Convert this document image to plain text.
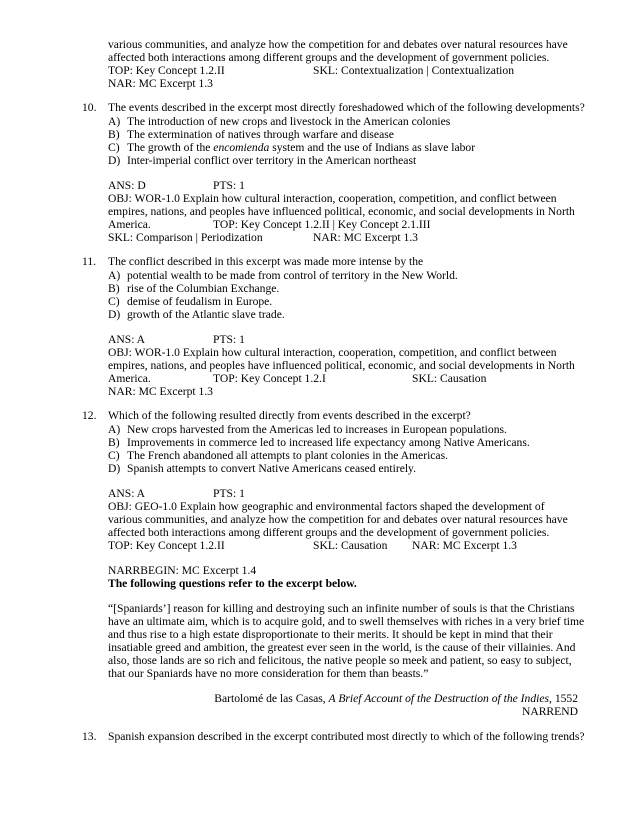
various communities, and analyze how the competition for and debates over natural resources have
affected both interactions among different groups and the development of government policies.
TOP: Key Concept 1.2.II	SKL: Contextualization | Contextualization
NAR: MC Excerpt 1.3
10. The events described in the excerpt most directly foreshadowed which of the following developments?
A) The introduction of new crops and livestock in the American colonies
B) The extermination of natives through warfare and disease
C) The growth of the encomienda system and the use of Indians as slave labor
D) Inter-imperial conflict over territory in the American northeast
ANS: D	PTS: 1
OBJ: WOR-1.0 Explain how cultural interaction, cooperation, competition, and conflict between
empires, nations, and peoples have influenced political, economic, and social developments in North
America.	TOP: Key Concept 1.2.II | Key Concept 2.1.III
SKL: Comparison | Periodization	NAR: MC Excerpt 1.3
11. The conflict described in this excerpt was made more intense by the
A) potential wealth to be made from control of territory in the New World.
B) rise of the Columbian Exchange.
C) demise of feudalism in Europe.
D) growth of the Atlantic slave trade.
ANS: A	PTS: 1
OBJ: WOR-1.0 Explain how cultural interaction, cooperation, competition, and conflict between
empires, nations, and peoples have influenced political, economic, and social developments in North
America.	TOP: Key Concept 1.2.I	SKL: Causation
NAR: MC Excerpt 1.3
12. Which of the following resulted directly from events described in the excerpt?
A) New crops harvested from the Americas led to increases in European populations.
B) Improvements in commerce led to increased life expectancy among Native Americans.
C) The French abandoned all attempts to plant colonies in the Americas.
D) Spanish attempts to convert Native Americans ceased entirely.
ANS: A	PTS: 1
OBJ: GEO-1.0 Explain how geographic and environmental factors shaped the development of
various communities, and analyze how the competition for and debates over natural resources have
affected both interactions among different groups and the development of government policies.
TOP: Key Concept 1.2.II	SKL: Causation NAR: MC Excerpt 1.3
NARRBEGIN: MC Excerpt 1.4
The following questions refer to the excerpt below.
“[Spaniards’] reason for killing and destroying such an infinite number of souls is that the Christians
have an ultimate aim, which is to acquire gold, and to swell themselves with riches in a very brief time
and thus rise to a high estate disproportionate to their merits. It should be kept in mind that their
insatiable greed and ambition, the greatest ever seen in the world, is the cause of their villainies. And
also, those lands are so rich and felicitous, the native people so meek and patient, so easy to subject,
that our Spaniards have no more consideration for them than beasts.”
Bartolomé de las Casas, A Brief Account of the Destruction of the Indies, 1552
NARREND
13. Spanish expansion described in the excerpt contributed most directly to which of the following trends?
